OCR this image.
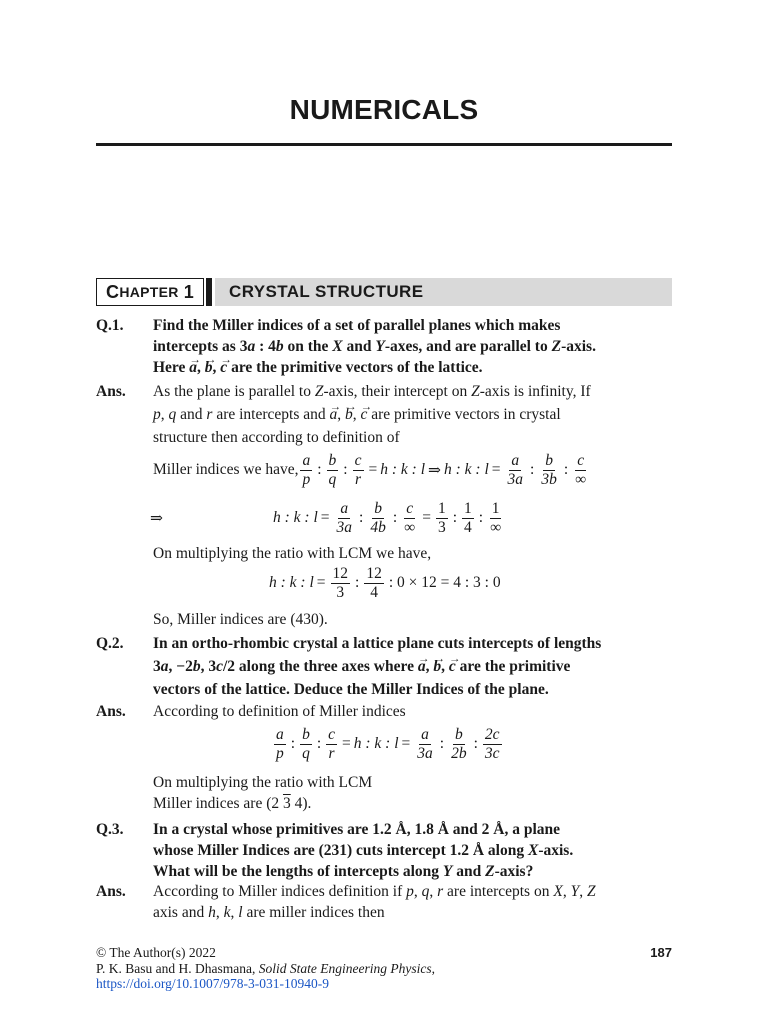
NUMERICALS
C HAPTER
1	CRYSTAL STRUCTURE
Q.1.	Find the Miller indices of a set of parallel planes which makes

intercepts as 3a : 4b on the X and Y-axes, and are parallel to Z-axis.

Here → a, → b, → c are the primitive vectors of the lattice.

Ans.	As the plane is parallel to Z-axis, their intercept on Z-axis is infinity, If

p, q and r are intercepts and → a, → b, → c are primitive vectors in crystal

structure then according to definition of

Miller indices we have,
a
p
:
b
q
: $\frac{c}{r} = h$ : k : l ⇒ h : k : $l = \frac{a}{3a}$ :
b
3b
:
c
∞
⇒	h : k : $l = \frac{a}{3a}$ :
b
4b
:
c
∞
= $\frac{1}{3}$ :
1
4
:
1
∞
On multiplying the ratio with LCM we have,
h : k : $l = \frac{12}{3}$ :
12
4
: 0 × 12 = 4 : 3 : 0
So, Miller indices are (430).
Q.2.	In an ortho-rhombic crystal a lattice plane cuts intercepts of lengths

3a, −2b, 3c/2 along the three axes where → a, → b, → c are the primitive

vectors of the lattice. Deduce the Miller Indices of the plane.

Ans.	According to definition of Miller indices
a
p
:
b
q
: $\frac{c}{r} = h$ : k : $l = \frac{a}{3a}$ :
b
2b
:
2c
3c

On multiplying the ratio with LCM

Miller indices are (2 3 4).

Q.3.	In a crystal whose primitives are 1.2 Å, 1.8 Å and 2 Å, a plane

whose Miller Indices are (231) cuts intercept 1.2 Å along X-axis.

What will be the lengths of intercepts along Y and Z-axis?

Ans.	According to Miller indices definition if p, q, r are intercepts on X, Y, Z

axis and h, k, l are miller indices then

© The Author(s) 2022
P. K. Basu and H. Dhasmana, Solid State Engineering Physics,
https://doi.org/10.1007/978-3-031-10940-9
187
